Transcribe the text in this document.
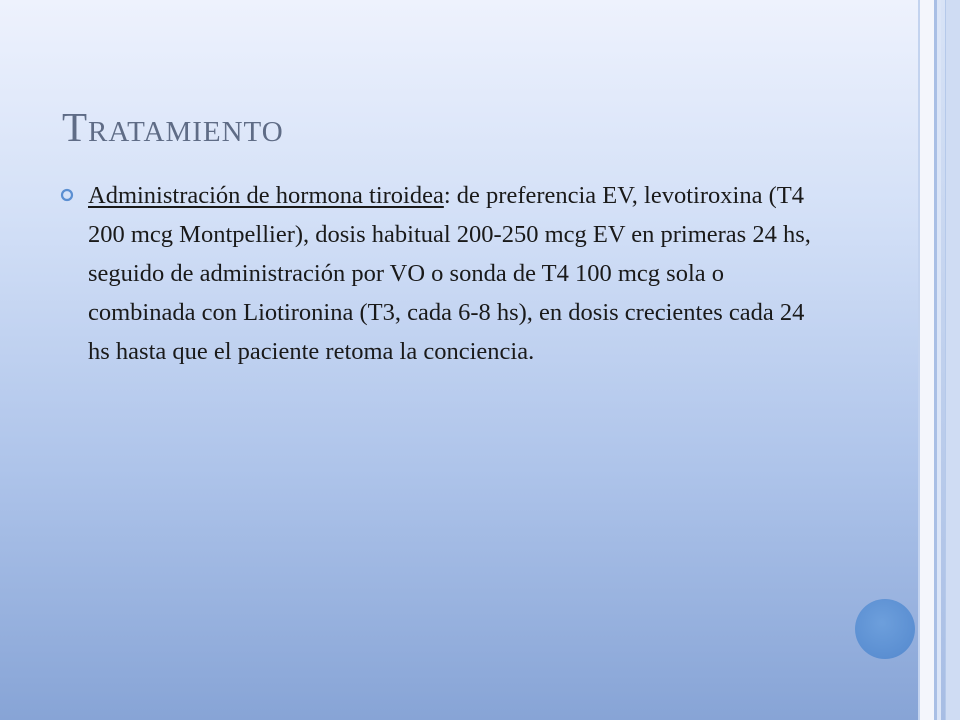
Tratamiento
Administración de hormona tiroidea: de preferencia EV, levotiroxina (T4 200 mcg Montpellier), dosis habitual 200-250 mcg EV en primeras 24 hs, seguido de administración por VO o sonda de T4 100 mcg sola o combinada con Liotironina (T3, cada 6-8 hs), en dosis crecientes cada 24 hs hasta que el paciente retoma la conciencia.
